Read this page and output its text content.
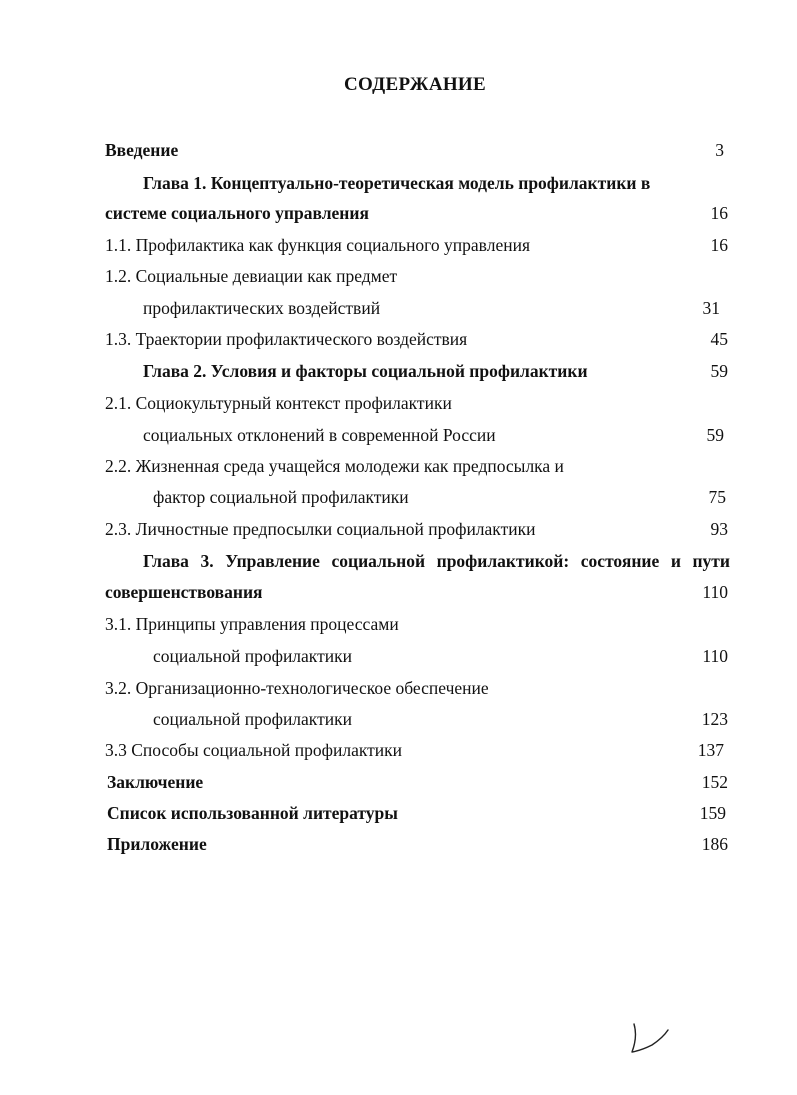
СОДЕРЖАНИЕ
Введение	3
Глава 1. Концептуально-теоретическая модель профилактики в
системе социального управления	16
1.1. Профилактика как функция социального управления	16
1.2. Социальные девиации как предмет
профилактических воздействий	31
1.3. Траектории профилактического воздействия	45
Глава 2. Условия и факторы социальной профилактики	59
2.1. Социокультурный контекст профилактики
социальных отклонений в современной России	59
2.2. Жизненная среда учащейся молодежи как предпосылка и
фактор социальной профилактики	75
2.3. Личностные предпосылки социальной профилактики	93
Глава 3. Управление социальной профилактикой: состояние и пути
совершенствования	110
3.1. Принципы управления процессами
социальной профилактики	110
3.2. Организационно-технологическое обеспечение
социальной профилактики	123
3.3 Способы социальной профилактики	137
Заключение	152
Список использованной литературы	159
Приложение	186
